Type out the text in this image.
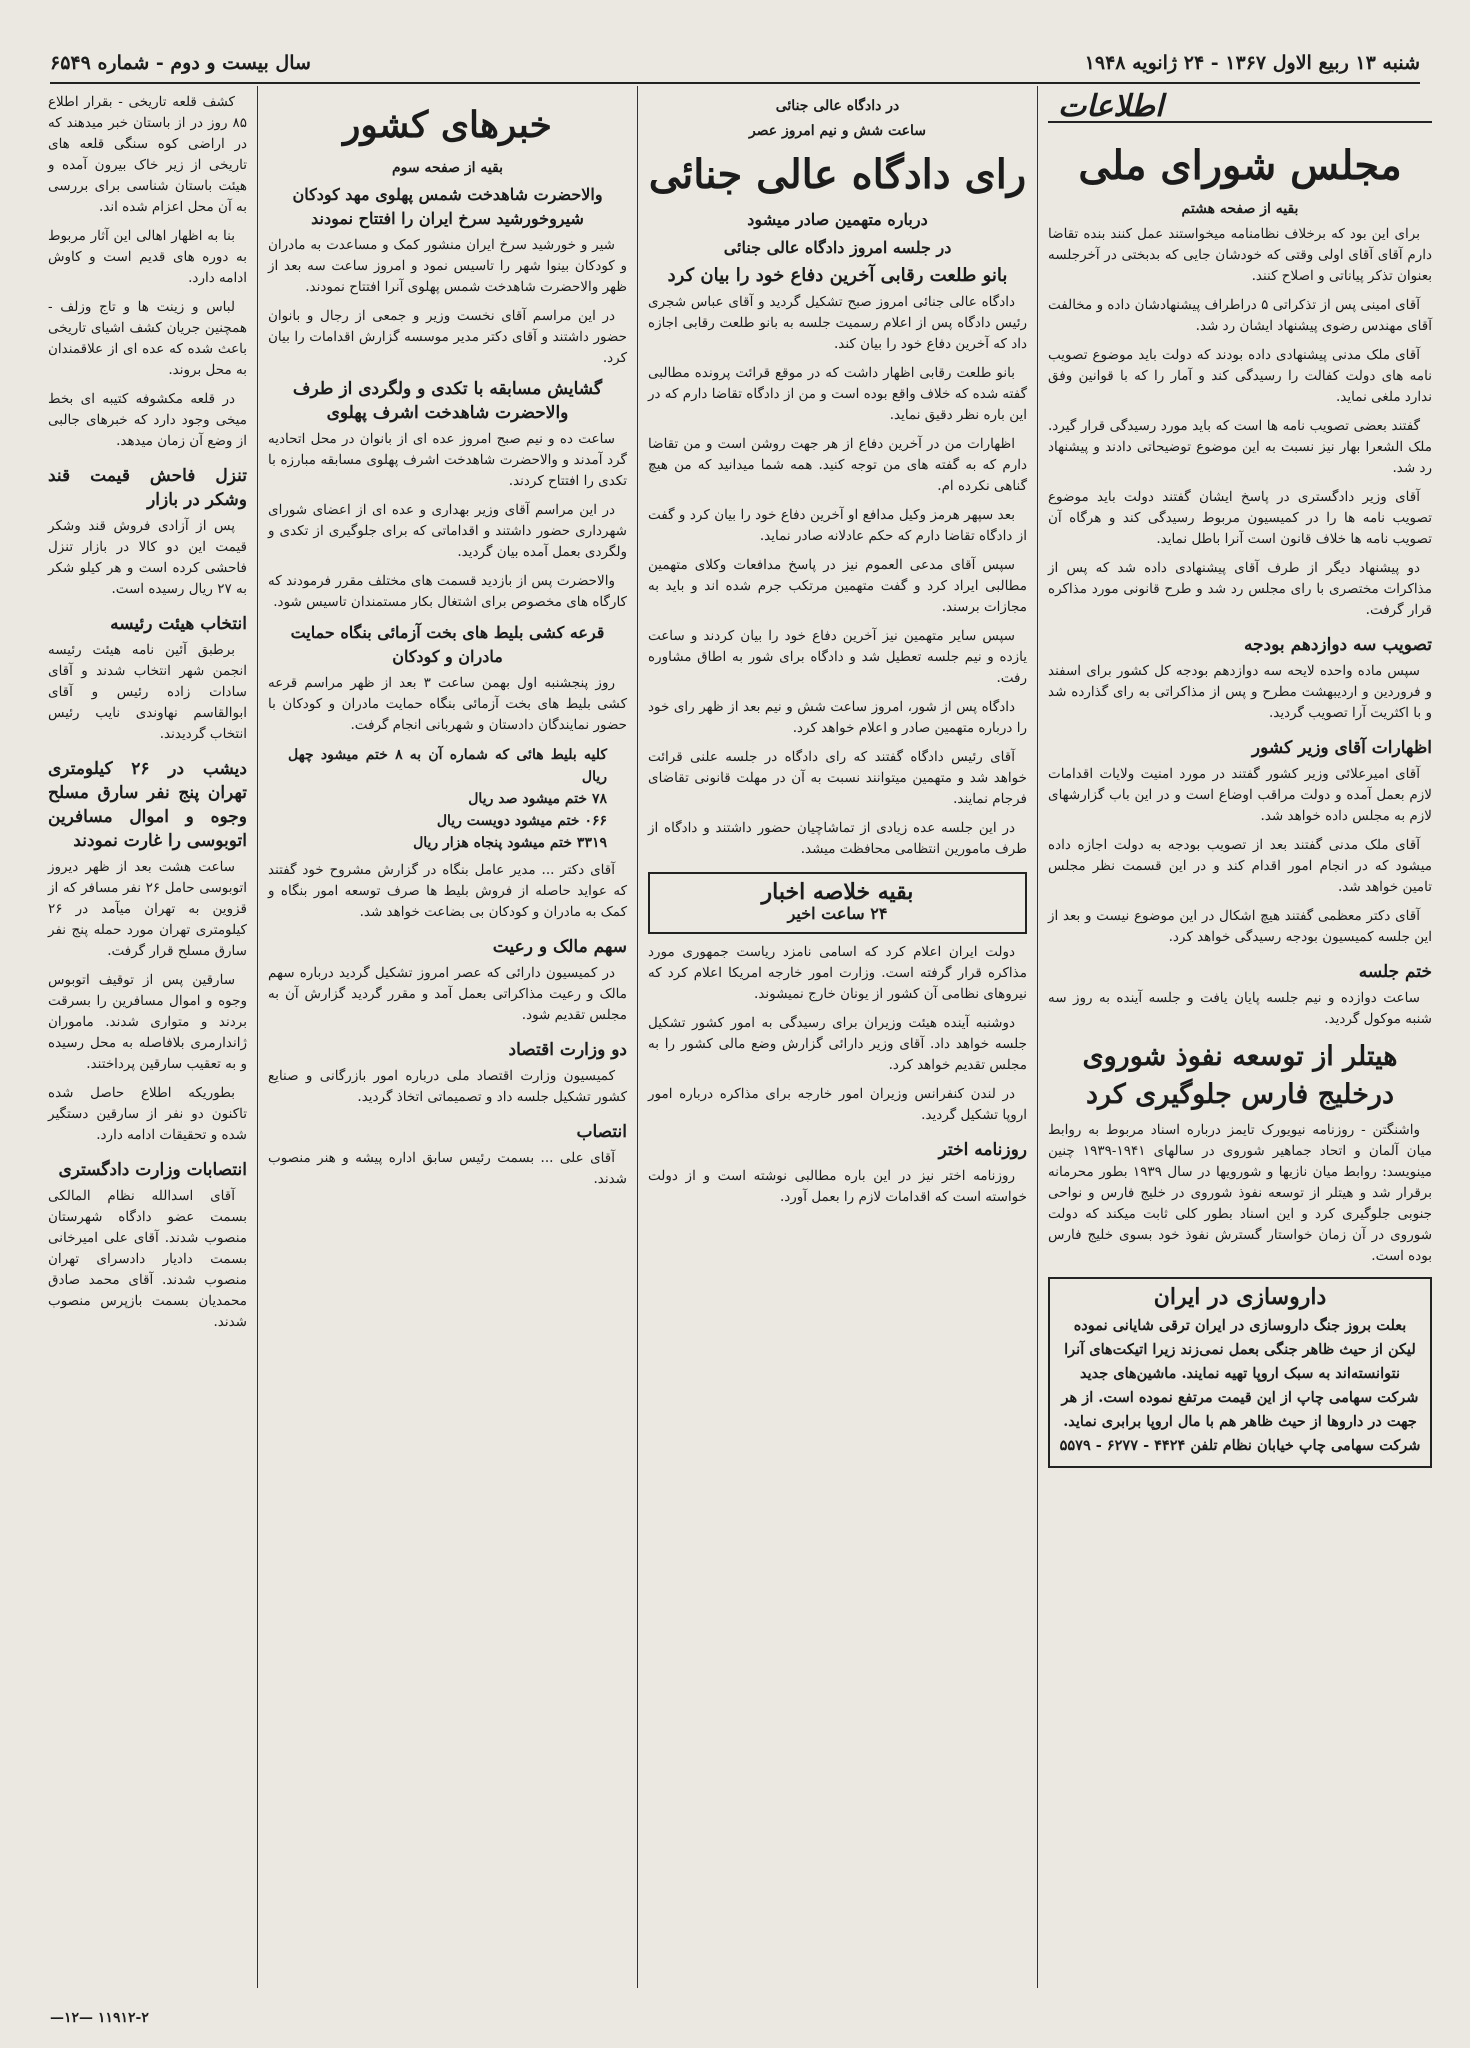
شنبه ۱۳ ربیع الاول ۱۳۶۷ - ۲۴ ژانویه ۱۹۴۸
سال بیست و دوم - شماره ۶۵۴۹
اطلاعات
مجلس شورای ملی
بقیه از صفحه هشتم

برای این بود که برخلاف نظامنامه میخواستند عمل کنند بنده تقاضا دارم آقای آقای اولی وقتی که خودشان جایی که بدبختی در آخرجلسه بعنوان تذکر پیاناتی و اصلاح کنند.

آقای امینی پس از تذکراتی ۵ دراطراف پیشنهادشان داده و مخالفت آقای مهندس رضوی پیشنهاد ایشان رد شد.

آقای ملک مدنی پیشنهادی داده بودند که دولت باید موضوع تصویب نامه های دولت کفالت را رسیدگی کند و آمار را که با قوانین وفق ندارد ملغی نماید.

گفتند بعضی تصویب نامه ها است که باید مورد رسیدگی قرار گیرد. ملک الشعرا بهار نیز نسبت به این موضوع توضیحاتی دادند و پیشنهاد رد شد.

آقای وزیر دادگستری در پاسخ ایشان گفتند دولت باید موضوع تصویب نامه ها را در کمیسیون مربوط رسیدگی کند و هرگاه آن تصویب نامه ها خلاف قانون است آنرا باطل نماید.

دو پیشنهاد دیگر از طرف آقای پیشنهادی داده شد که پس از مذاکرات مختصری با رای مجلس رد شد و طرح قانونی مورد مذاکره قرار گرفت.

تصویب سه دوازدهم بودجه

سپس ماده واحده لایحه سه دوازدهم بودجه کل کشور برای اسفند و فروردین و اردیبهشت مطرح و پس از مذاکراتی به رای گذارده شد و با اکثریت آرا تصویب گردید.

اظهارات آقای وزیر کشور

آقای امیرعلائی وزیر کشور گفتند در مورد امنیت ولایات اقدامات لازم بعمل آمده و دولت مراقب اوضاع است و در این باب گزارشهای لازم به مجلس داده خواهد شد.

آقای ملک مدنی گفتند بعد از تصویب بودجه به دولت اجازه داده میشود که در انجام امور اقدام کند و در این قسمت نظر مجلس تامین خواهد شد.

آقای دکتر معظمی گفتند هیچ اشکال در این موضوع نیست و بعد از این جلسه کمیسیون بودجه رسیدگی خواهد کرد.

ختم جلسه

ساعت دوازده و نیم جلسه پایان یافت و جلسه آینده به روز سه شنبه موکول گردید.

هیتلر از توسعه نفوذ شوروی درخلیج فارس جلوگیری کرد

واشنگتن - روزنامه نیویورک تایمز درباره اسناد مربوط به روابط میان آلمان و اتحاد جماهیر شوروی در سالهای ۱۹۴۱-۱۹۳۹ چنین مینویسد: روابط میان نازیها و شورویها در سال ۱۹۳۹ بطور محرمانه برقرار شد و هیتلر از توسعه نفوذ شوروی در خلیج فارس و نواحی جنوبی جلوگیری کرد و این اسناد بطور کلی ثابت میکند که دولت شوروی در آن زمان خواستار گسترش نفوذ خود بسوی خلیج فارس بوده است.

داروسازی در ایران
بعلت بروز جنگ داروسازی در ایران ترقی شایانی نموده لیکن از حیث ظاهر جنگی بعمل نمی‌زند زیرا اتیکت‌های آنرا نتوانسته‌اند به سبک اروپا تهیه نمایند. ماشین‌های جدید شرکت سهامی چاپ از این قیمت مرتفع نموده است. از هر جهت در داروها از حیث ظاهر هم با مال اروپا برابری نماید. شرکت سهامی چاپ خیابان نظام تلفن ۴۴۲۴ - ۶۲۷۷ - ۵۵۷۹
در دادگاه عالی جنائی
ساعت شش و نیم امروز عصر
رای دادگاه عالی جنائی
درباره متهمین صادر میشود
در جلسه امروز دادگاه عالی جنائی
بانو طلعت رقابی آخرین دفاع خود را بیان کرد

دادگاه عالی جنائی امروز صبح تشکیل گردید و آقای عباس شجری رئیس دادگاه پس از اعلام رسمیت جلسه به بانو طلعت رقابی اجازه داد که آخرین دفاع خود را بیان کند.

بانو طلعت رقابی اظهار داشت که در موقع قرائت پرونده مطالبی گفته شده که خلاف واقع بوده است و من از دادگاه تقاضا دارم که در این باره نظر دقیق نماید.

اظهارات من در آخرین دفاع از هر جهت روشن است و من تقاضا دارم که به گفته های من توجه کنید. همه شما میدانید که من هیچ گناهی نکرده ام.

بعد سپهر هرمز وکیل مدافع او آخرین دفاع خود را بیان کرد و گفت از دادگاه تقاضا دارم که حکم عادلانه صادر نماید.

سپس آقای مدعی العموم نیز در پاسخ مدافعات وکلای متهمین مطالبی ایراد کرد و گفت متهمین مرتکب جرم شده اند و باید به مجازات برسند.

سپس سایر متهمین نیز آخرین دفاع خود را بیان کردند و ساعت یازده و نیم جلسه تعطیل شد و دادگاه برای شور به اطاق مشاوره رفت.

دادگاه پس از شور، امروز ساعت شش و نیم بعد از ظهر رای خود را درباره متهمین صادر و اعلام خواهد کرد.

آقای رئیس دادگاه گفتند که رای دادگاه در جلسه علنی قرائت خواهد شد و متهمین میتوانند نسبت به آن در مهلت قانونی تقاضای فرجام نمایند.

در این جلسه عده زیادی از تماشاچیان حضور داشتند و دادگاه از طرف مامورین انتظامی محافظت میشد.

بقیه خلاصه اخبار
۲۴ ساعت اخیر

دولت ایران اعلام کرد که اسامی نامزد ریاست جمهوری مورد مذاکره قرار گرفته است. وزارت امور خارجه امریکا اعلام کرد که نیروهای نظامی آن کشور از یونان خارج نمیشوند.

دوشنبه آینده هیئت وزیران برای رسیدگی به امور کشور تشکیل جلسه خواهد داد. آقای وزیر دارائی گزارش وضع مالی کشور را به مجلس تقدیم خواهد کرد.

در لندن کنفرانس وزیران امور خارجه برای مذاکره درباره امور اروپا تشکیل گردید.

روزنامه اختر

روزنامه اختر نیز در این باره مطالبی نوشته است و از دولت خواسته است که اقدامات لازم را بعمل آورد.

خبرهای کشور
بقیه از صفحه سوم
والاحضرت شاهدخت شمس پهلوی مهد کودکان شیروخورشید سرخ ایران را افتتاح نمودند

شیر و خورشید سرخ ایران منشور کمک و مساعدت به مادران و کودکان بینوا شهر را تاسیس نمود و امروز ساعت سه بعد از ظهر والاحضرت شاهدخت شمس پهلوی آنرا افتتاح نمودند.

در این مراسم آقای نخست وزیر و جمعی از رجال و بانوان حضور داشتند و آقای دکتر مدیر موسسه گزارش اقدامات را بیان کرد.

گشایش مسابقه با تکدی و ولگردی از طرف والاحضرت شاهدخت اشرف پهلوی

ساعت ده و نیم صبح امروز عده ای از بانوان در محل اتحادیه گرد آمدند و والاحضرت شاهدخت اشرف پهلوی مسابقه مبارزه با تکدی را افتتاح کردند.

در این مراسم آقای وزیر بهداری و عده ای از اعضای شورای شهرداری حضور داشتند و اقداماتی که برای جلوگیری از تکدی و ولگردی بعمل آمده بیان گردید.

والاحضرت پس از بازدید قسمت های مختلف مقرر فرمودند که کارگاه های مخصوص برای اشتغال بکار مستمندان تاسیس شود.

قرعه کشی بلیط های بخت آزمائی بنگاه حمایت مادران و کودکان

روز پنجشنبه اول بهمن ساعت ۳ بعد از ظهر مراسم قرعه کشی بلیط های بخت آزمائی بنگاه حمایت مادران و کودکان با حضور نمایندگان دادستان و شهربانی انجام گرفت.

کلیه بلیط هائی که شماره آن به ۸ ختم میشود چهل ریال
۷۸ ختم میشود صد ریال
۰۶۶ ختم میشود دویست ریال
۳۳۱۹ ختم میشود پنجاه هزار ریال

آقای دکتر ... مدیر عامل بنگاه در گزارش مشروح خود گفتند که عواید حاصله از فروش بلیط ها صرف توسعه امور بنگاه و کمک به مادران و کودکان بی بضاعت خواهد شد.

سهم مالک و رعیت

در کمیسیون دارائی که عصر امروز تشکیل گردید درباره سهم مالک و رعیت مذاکراتی بعمل آمد و مقرر گردید گزارش آن به مجلس تقدیم شود.

دو وزارت اقتصاد

کمیسیون وزارت اقتصاد ملی درباره امور بازرگانی و صنایع کشور تشکیل جلسه داد و تصمیماتی اتخاذ گردید.

انتصاب

آقای علی ... بسمت رئیس سابق اداره پیشه و هنر منصوب شدند.

کشف قلعه تاریخی - بقرار اطلاع ۸۵ روز در از باستان خبر میدهند که در اراضی کوه سنگی قلعه های تاریخی از زیر خاک بیرون آمده و هیئت باستان شناسی برای بررسی به آن محل اعزام شده اند.

بنا به اظهار اهالی این آثار مربوط به دوره های قدیم است و کاوش ادامه دارد.

لباس و زینت ها و تاج وزلف - همچنین جریان کشف اشیای تاریخی باعث شده که عده ای از علاقمندان به محل بروند.

در قلعه مکشوفه کتیبه ای بخط میخی وجود دارد که خبرهای جالبی از وضع آن زمان میدهد.

تنزل فاحش قیمت قند وشکر در بازار

پس از آزادی فروش قند وشکر قیمت این دو کالا در بازار تنزل فاحشی کرده است و هر کیلو شکر به ۲۷ ریال رسیده است.

انتخاب هیئت رئیسه

برطبق آئین نامه هیئت رئیسه انجمن شهر انتخاب شدند و آقای سادات زاده رئیس و آقای ابوالقاسم نهاوندی نایب رئیس انتخاب گردیدند.

دیشب در ۲۶ کیلومتری تهران پنج نفر سارق مسلح وجوه و اموال مسافرین اتوبوسی را غارت نمودند

ساعت هشت بعد از ظهر دیروز اتوبوسی حامل ۲۶ نفر مسافر که از قزوین به تهران میآمد در ۲۶ کیلومتری تهران مورد حمله پنج نفر سارق مسلح قرار گرفت.

سارقین پس از توقیف اتوبوس وجوه و اموال مسافرین را بسرقت بردند و متواری شدند. ماموران ژاندارمری بلافاصله به محل رسیده و به تعقیب سارقین پرداختند.

بطوریکه اطلاع حاصل شده تاکنون دو نفر از سارقین دستگیر شده و تحقیقات ادامه دارد.

انتصابات وزارت دادگستری

آقای اسدالله نظام المالکی بسمت عضو دادگاه شهرستان منصوب شدند. آقای علی امیرخانی بسمت دادیار دادسرای تهران منصوب شدند. آقای محمد صادق محمدیان بسمت بازپرس منصوب شدند.

—۱۲— ۱۱۹۱۲-۲
